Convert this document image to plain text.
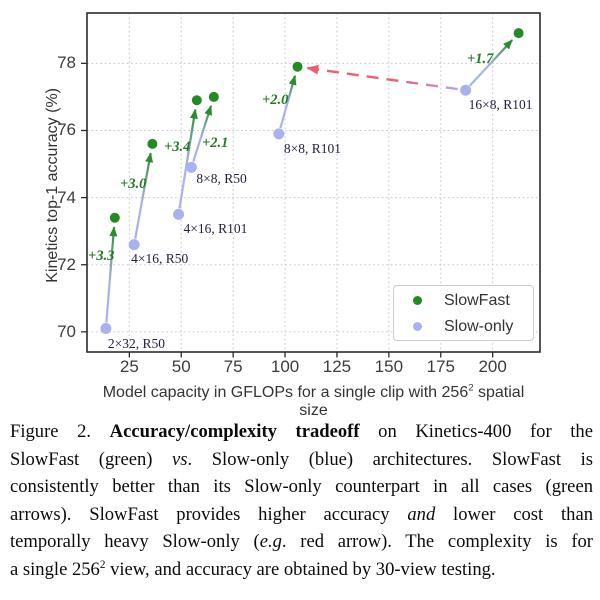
25	50	75	100	125	150	175	200
70
72
74
76
78
2×32, R50
4×16, R50
4×16, R101
8×8, R50
8×8, R101
16×8, R101
+3.3
+3.0
+3.4 +2.1
+2.0
+1.7
Kinetics top-1 accuracy (%)
Model capacity in GFLOPs for a single clip with $256^2$ spatial size
SlowFast
Slow-only
Figure 2. Accuracy/complexity tradeoff on Kinetics-400 for the
SlowFast (green) vs. Slow-only (blue) architectures. SlowFast is
consistently better than its Slow-only counterpart in all cases (green
arrows). SlowFast provides higher accuracy and lower cost than
temporally heavy Slow-only (e.g. red arrow). The complexity is for
a single $256^2$ view, and accuracy are obtained by 30-view testing.
